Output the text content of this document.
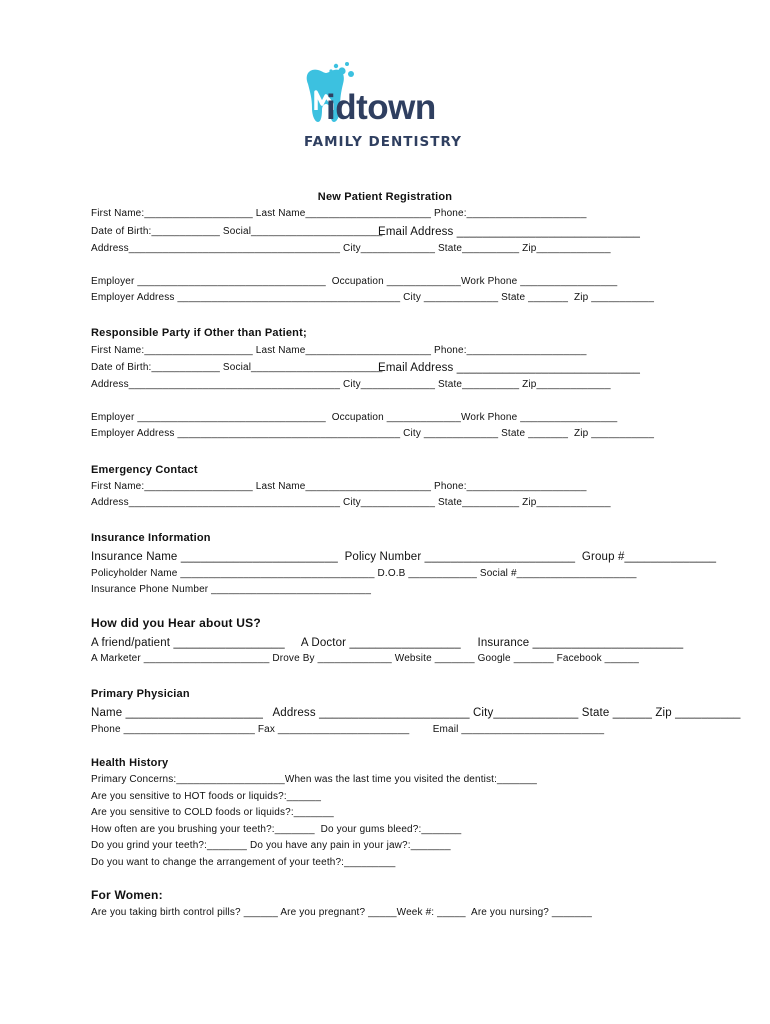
idtown
FAMILY DENTISTRY
New Patient Registration
First Name:___________________ Last Name______________________ Phone:_____________________
Date of Birth:____________ Social_______________________
Email Address ____________________________
Address_____________________________________ City_____________ State__________ Zip_____________
Employer _________________________________  Occupation _____________Work Phone _________________
Employer Address _______________________________________ City _____________ State _______  Zip ___________
Responsible Party if Other than Patient;
First Name:___________________ Last Name______________________ Phone:_____________________
Date of Birth:____________ Social_______________________
Email Address ____________________________
Address_____________________________________ City_____________ State__________ Zip_____________
Employer _________________________________  Occupation _____________Work Phone _________________
Employer Address _______________________________________ City _____________ State _______  Zip ___________
Emergency Contact
First Name:___________________ Last Name______________________ Phone:_____________________
Address_____________________________________ City_____________ State__________ Zip_____________
Insurance Information
Insurance Name ________________________  Policy Number _______________________  Group #______________
Policyholder Name __________________________________ D.O.B ____________ Social #_____________________
Insurance Phone Number ____________________________
How did you Hear about US?
A friend/patient _________________     A Doctor _________________     Insurance _______________________
A Marketer ______________________ Drove By _____________ Website _______ Google _______ Facebook ______
Primary Physician
Name _____________________   Address _______________________ City_____________ State ______ Zip __________
Phone _______________________ Fax _______________________        Email _________________________
Health History
Primary Concerns:___________________When was the last time you visited the dentist:_______
Are you sensitive to HOT foods or liquids?:______
Are you sensitive to COLD foods or liquids?:_______
How often are you brushing your teeth?:_______  Do your gums bleed?:_______
Do you grind your teeth?:_______ Do you have any pain in your jaw?:_______
Do you want to change the arrangement of your teeth?:_________
For Women:
Are you taking birth control pills? ______ Are you pregnant? _____Week #: _____  Are you nursing? _______
